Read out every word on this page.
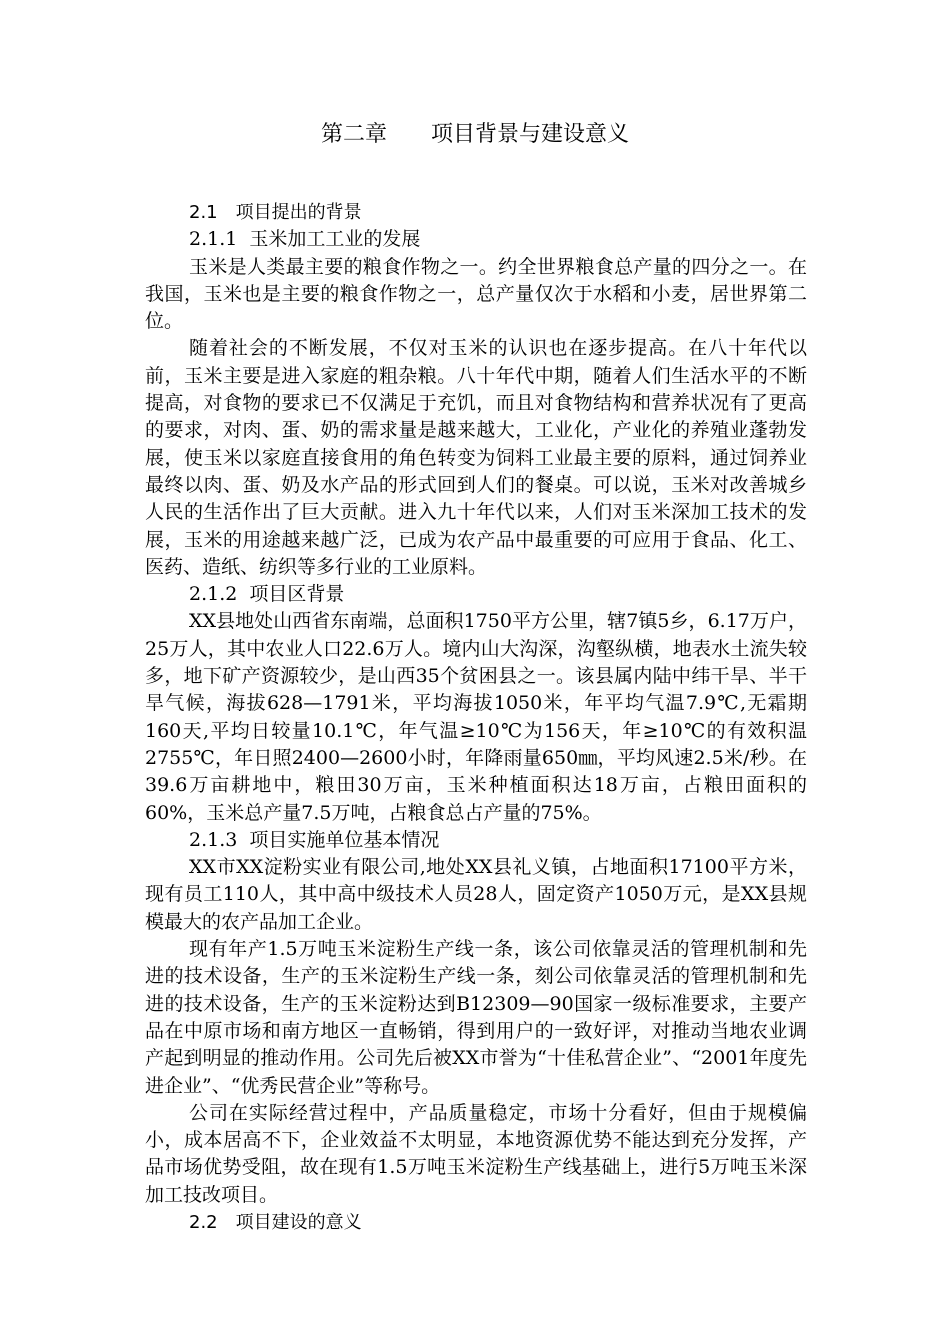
第二章　　项目背景与建设意义

2.1　项目提出的背景

2.1.1  玉米加工工业的发展

玉米是人类最主要的粮食作物之一。约全世界粮食总产量的四分之一。在我国，玉米也是主要的粮食作物之一，总产量仅次于水稻和小麦，居世界第二位。

随着社会的不断发展，不仅对玉米的认识也在逐步提高。在八十年代以前，玉米主要是进入家庭的粗杂粮。八十年代中期，随着人们生活水平的不断提高，对食物的要求已不仅满足于充饥，而且对食物结构和营养状况有了更高的要求，对肉、蛋、奶的需求量是越来越大，工业化，产业化的养殖业蓬勃发展，使玉米以家庭直接食用的角色转变为饲料工业最主要的原料，通过饲养业最终以肉、蛋、奶及水产品的形式回到人们的餐桌。可以说，玉米对改善城乡人民的生活作出了巨大贡献。进入九十年代以来，人们对玉米深加工技术的发展，玉米的用途越来越广泛，已成为农产品中最重要的可应用于食品、化工、医药、造纸、纺织等多行业的工业原料。

2.1.2  项目区背景

XX县地处山西省东南端，总面积1750平方公里，辖7镇5乡，6.17万户，25万人，其中农业人口22.6万人。境内山大沟深，沟壑纵横，地表水土流失较多，地下矿产资源较少，是山西35个贫困县之一。该县属内陆中纬干旱、半干旱气候，海拔628—1791米，平均海拔1050米，年平均气温7.9℃,无霜期160天,平均日较量10.1℃，年气温≥10℃为156天，年≥10℃的有效积温2755℃，年日照2400—2600小时，年降雨量650㎜，平均风速2.5米/秒。在39.6万亩耕地中，粮田30万亩，玉米种植面积达18万亩，占粮田面积的60%，玉米总产量7.5万吨，占粮食总占产量的75%。

2.1.3  项目实施单位基本情况

XX市XX淀粉实业有限公司,地处XX县礼义镇，占地面积17100平方米，现有员工110人，其中高中级技术人员28人，固定资产1050万元，是XX县规模最大的农产品加工企业。

现有年产1.5万吨玉米淀粉生产线一条，该公司依靠灵活的管理机制和先进的技术设备，生产的玉米淀粉生产线一条，刻公司依靠灵活的管理机制和先进的技术设备，生产的玉米淀粉达到B12309—90国家一级标准要求，主要产品在中原市场和南方地区一直畅销，得到用户的一致好评，对推动当地农业调产起到明显的推动作用。公司先后被XX市誉为“十佳私营企业”、“2001年度先进企业”、“优秀民营企业”等称号。

公司在实际经营过程中，产品质量稳定，市场十分看好，但由于规模偏小，成本居高不下，企业效益不太明显，本地资源优势不能达到充分发挥，产品市场优势受阻，故在现有1.5万吨玉米淀粉生产线基础上，进行5万吨玉米深加工技改项目。

2.2　项目建设的意义
